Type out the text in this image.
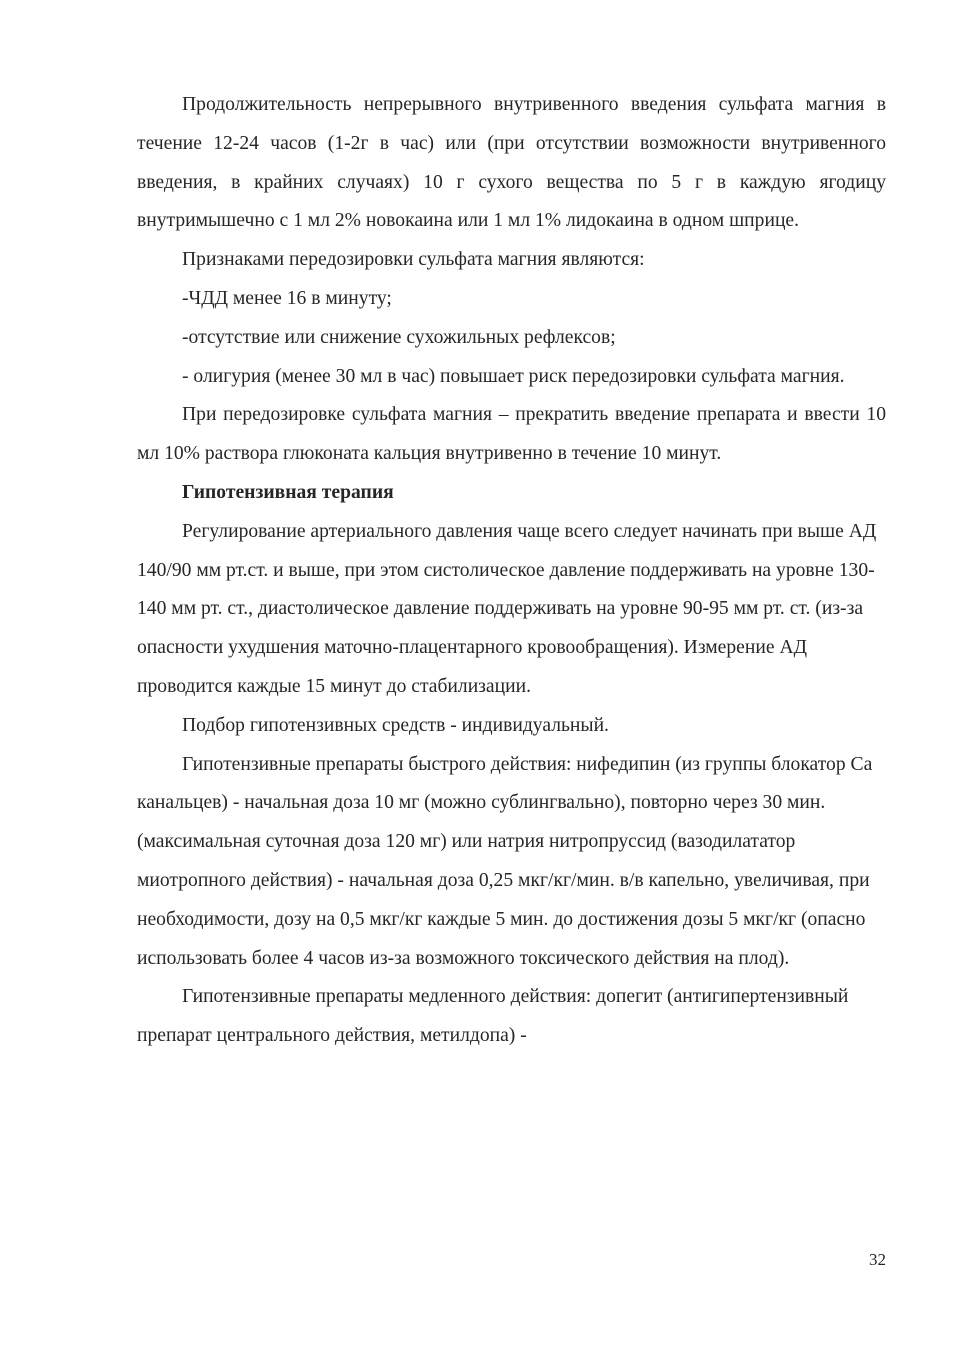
Продолжительность непрерывного внутривенного введения сульфата магния в течение 12-24 часов (1-2г в час) или (при отсутствии возможности внутривенного введения, в крайних случаях) 10 г сухого вещества по 5 г в каждую ягодицу внутримышечно с 1 мл 2% новокаина или 1 мл 1% лидокаина в одном шприце.

Признаками передозировки сульфата магния являются:

-ЧДД менее 16 в минуту;

-отсутствие или снижение сухожильных рефлексов;

- олигурия (менее 30 мл в час) повышает риск передозировки сульфата магния.

При передозировке сульфата магния – прекратить введение препарата и ввести 10 мл 10% раствора глюконата кальция внутривенно в течение 10 минут.

Гипотензивная терапия

Регулирование артериального давления чаще всего следует начинать при выше АД 140/90 мм рт.ст. и выше, при этом систолическое давление поддерживать на уровне 130-140 мм рт. ст., диастолическое давление поддерживать на уровне 90-95 мм рт. ст. (из-за опасности ухудшения маточно-плацентарного кровообращения). Измерение АД проводится каждые 15 минут до стабилизации.

Подбор гипотензивных средств - индивидуальный.

Гипотензивные препараты быстрого действия: нифедипин (из группы блокатор Са канальцев) - начальная доза 10 мг (можно сублингвально), повторно через 30 мин. (максимальная суточная доза 120 мг) или натрия нитропруссид (вазодилататор миотропного действия) - начальная доза 0,25 мкг/кг/мин. в/в капельно, увеличивая, при необходимости, дозу на 0,5 мкг/кг каждые 5 мин. до достижения дозы 5 мкг/кг (опасно использовать более 4 часов из-за возможного токсического действия на плод).

Гипотензивные препараты медленного действия: допегит (антигипертензивный препарат центрального действия, метилдопа) -

32
